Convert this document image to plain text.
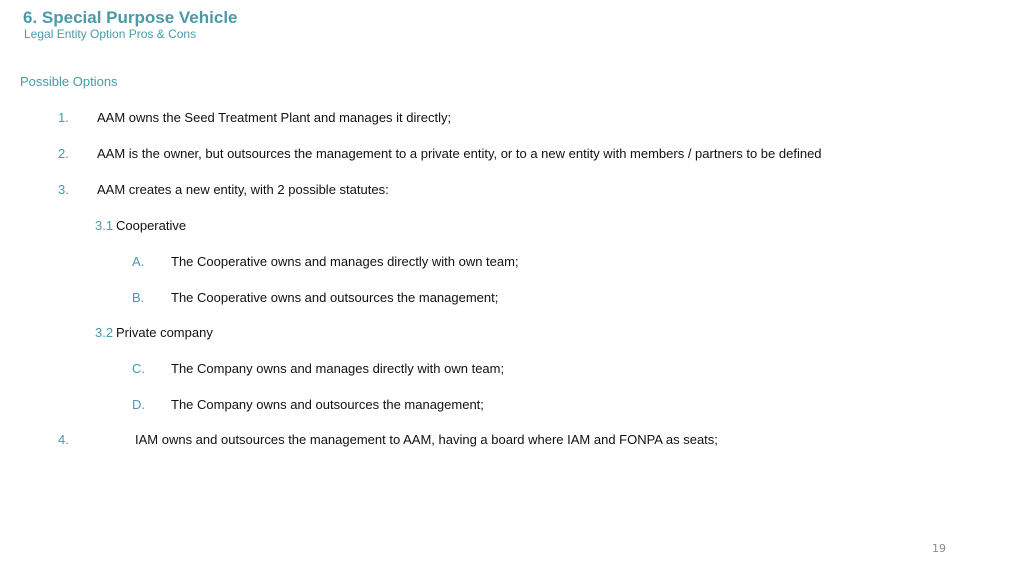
6. Special Purpose Vehicle
Legal Entity Option Pros & Cons
Possible Options
1. AAM owns the Seed Treatment Plant and manages it directly;
2. AAM is the owner, but outsources the management to a private entity, or to a new entity with members / partners to be defined
3. AAM creates a new entity, with 2 possible statutes:
3.1 Cooperative
A. The Cooperative owns and manages directly with own team;
B. The Cooperative owns and outsources the management;
3.2 Private company
C. The Company owns and manages directly with own team;
D. The Company owns and outsources the management;
4.	IAM owns and outsources the management to AAM, having a board where IAM and FONPA as seats;
19
